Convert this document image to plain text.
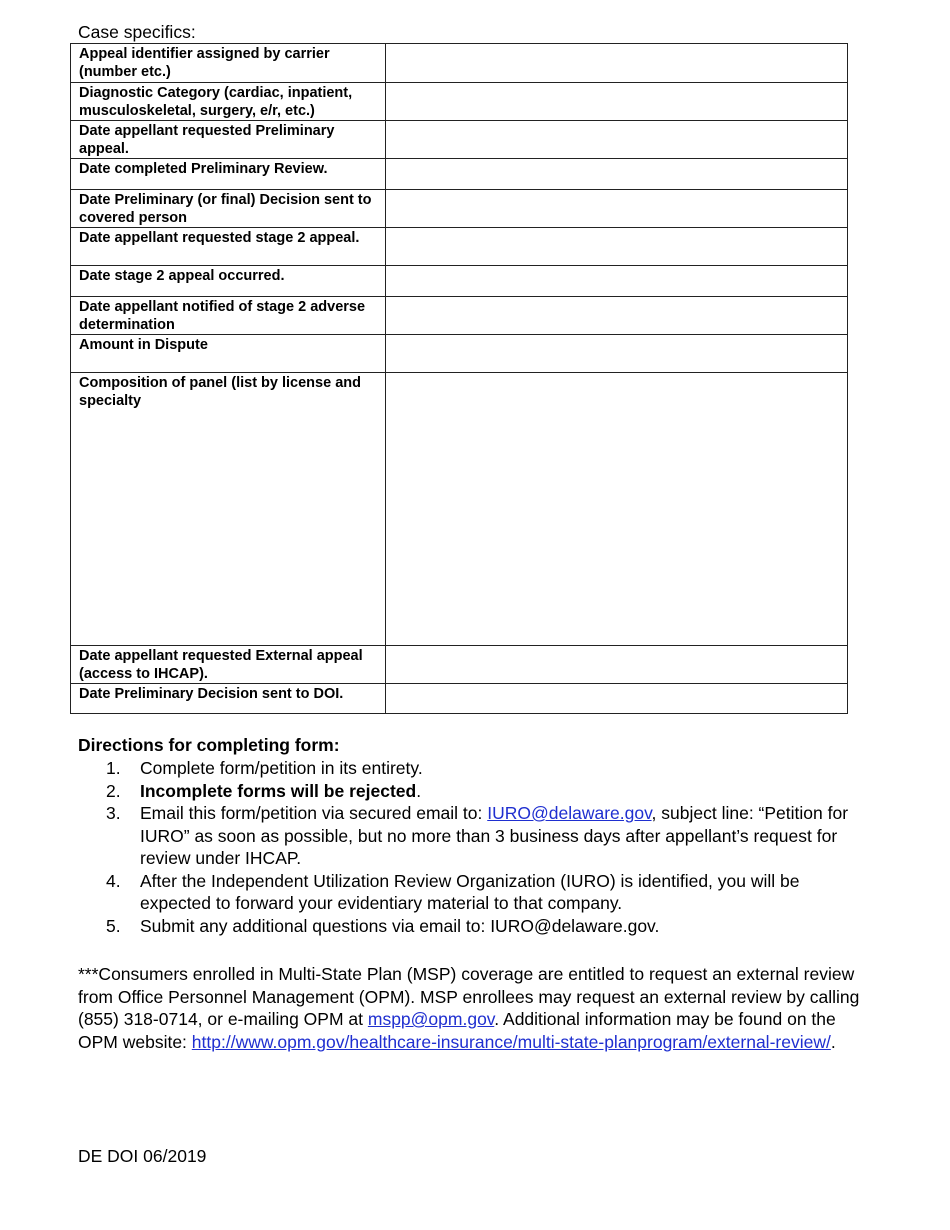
Case specifics:
Appeal identifier assigned by carrier (number etc.)	
Diagnostic Category (cardiac, inpatient, musculoskeletal, surgery, e/r, etc.)	
Date appellant requested Preliminary appeal.	
Date completed Preliminary Review.	
Date Preliminary (or final) Decision sent to covered person	
Date appellant requested stage 2 appeal.	
Date stage 2 appeal occurred.	
Date appellant notified of stage 2 adverse determination	
Amount in Dispute	
Composition of panel (list by license and specialty	
Date appellant requested External appeal (access to IHCAP).	
Date Preliminary Decision sent to DOI.	
Directions for completing form:
1. Complete form/petition in its entirety.
2. Incomplete forms will be rejected.
3. Email this form/petition via secured email to: IURO@delaware.gov, subject line: “Petition for IURO” as soon as possible, but no more than 3 business days after appellant’s request for review under IHCAP.
4. After the Independent Utilization Review Organization (IURO) is identified, you will be expected to forward your evidentiary material to that company.
5. Submit any additional questions via email to: IURO@delaware.gov.
***Consumers enrolled in Multi-State Plan (MSP) coverage are entitled to request an external review from Office Personnel Management (OPM). MSP enrollees may request an external review by calling (855) 318-0714, or e-mailing OPM at mspp@opm.gov. Additional information may be found on the OPM website: http://www.opm.gov/healthcare-insurance/multi-state-planprogram/external-review/.
DE DOI 06/2019
